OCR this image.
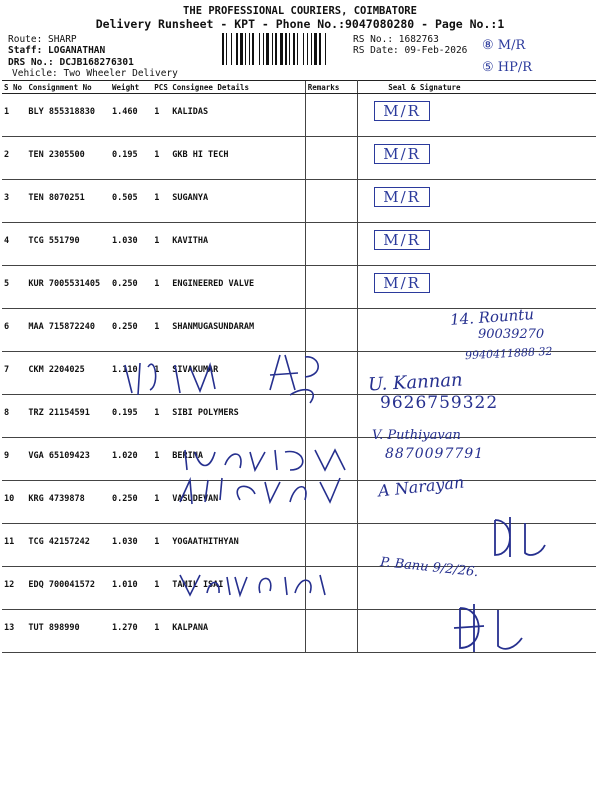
THE PROFESSIONAL COURIERS, COIMBATORE
Delivery Runsheet - KPT - Phone No.:9047080280 - Page No.:1
Route: SHARP
Staff: LOGANATHAN
DRS No.: DCJB168276301
Vehicle: Two Wheeler Delivery
RS No.: 1682763
RS Date: 09-Feb-2026 ⑧ M/R
⑤ HP/R
S No	Consignment No	Weight	PCS	Consignee Details	Remarks	Seal & Signature
1	BLY 855318830	1.460	1	KALIDAS		M/R
2	TEN 2305500	0.195	1	GKB HI TECH		M/R
3	TEN 8070251	0.505	1	SUGANYA		M/R
4	TCG 551790	1.030	1	KAVITHA		M/R
5	KUR 7005531405	0.250	1	ENGINEERED VALVE		M/R
6	MAA 715872240	0.250	1	SHANMUGASUNDARAM		
7	CKM 2204025	1.110	1	SIVAKUMAR		
8	TRZ 21154591	0.195	1	SIBI POLYMERS		
9	VGA 65109423	1.020	1	BERINA		
10	KRG 4739878	0.250	1	VASUDEVAN		
11	TCG 42157242	1.030	1	YOGAATHITHYAN		
12	EDQ 700041572	1.010	1	TAMIL ISAI		
13	TUT 898990	1.270	1	KALPANA		
14. Rountu
90039270
9940411888 32
U. Kannan
9626759322
V. Puthiyavan
8870097791
A Narayan
P. Banu 9/2/26.
